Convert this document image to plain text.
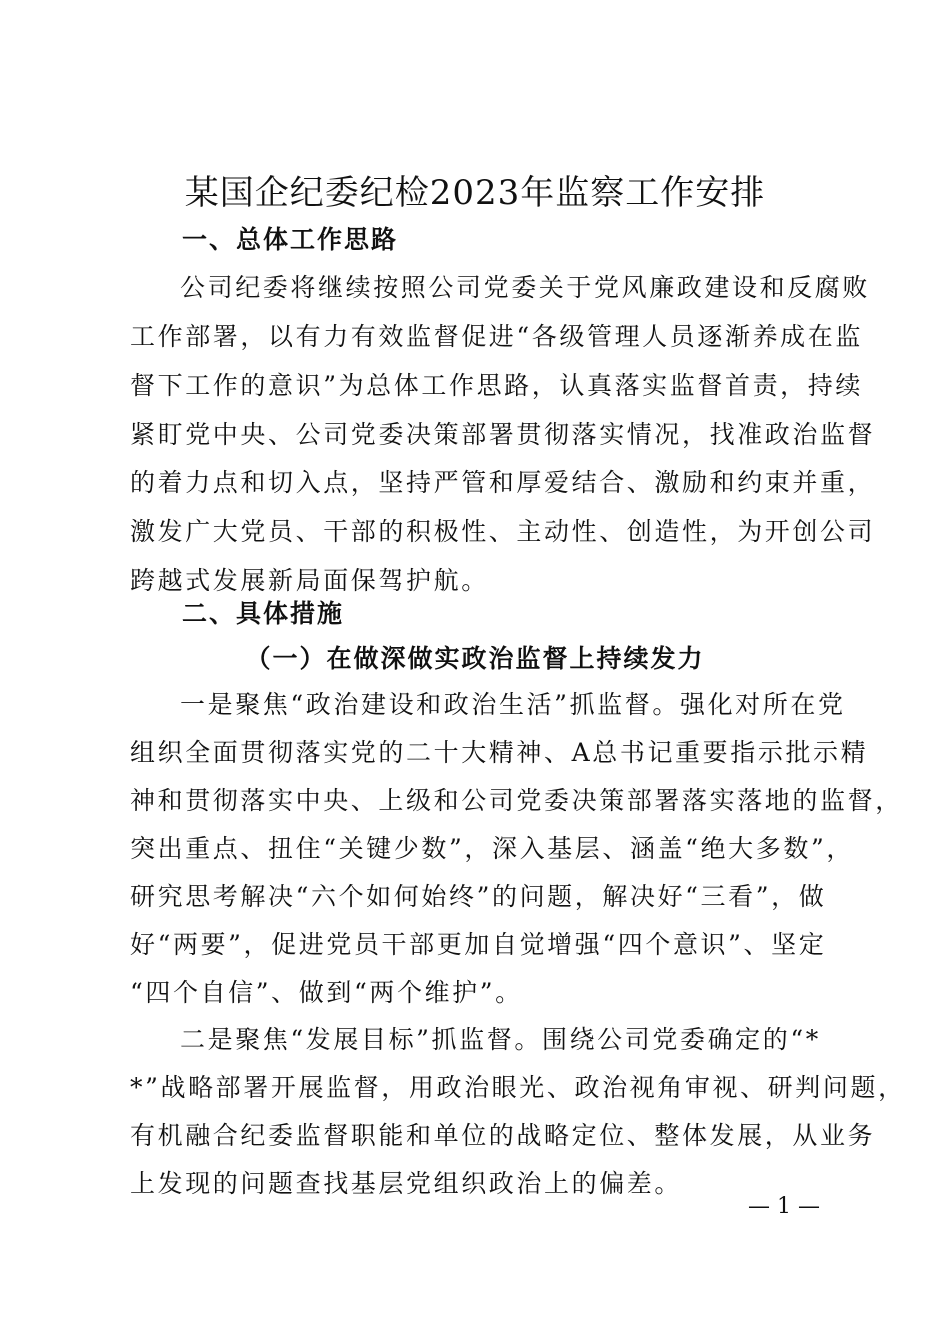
某国企纪委纪检2023年监察工作安排
一、总体工作思路
公司纪委将继续按照公司党委关于党风廉政建设和反腐败
工作部署，以有力有效监督促进“各级管理人员逐渐养成在监
督下工作的意识”为总体工作思路，认真落实监督首责，持续
紧盯党中央、公司党委决策部署贯彻落实情况，找准政治监督
的着力点和切入点，坚持严管和厚爱结合、激励和约束并重，
激发广大党员、干部的积极性、主动性、创造性，为开创公司
跨越式发展新局面保驾护航。
二、具体措施
（一）在做深做实政治监督上持续发力
一是聚焦“政治建设和政治生活”抓监督。强化对所在党
组织全面贯彻落实党的二十大精神、A总书记重要指示批示精
神和贯彻落实中央、上级和公司党委决策部署落实落地的监督，
突出重点、扭住“关键少数”，深入基层、涵盖“绝大多数”，
研究思考解决“六个如何始终”的问题，解决好“三看”，做
好“两要”，促进党员干部更加自觉增强“四个意识”、坚定
“四个自信”、做到“两个维护”。
二是聚焦“发展目标”抓监督。围绕公司党委确定的“*
*”战略部署开展监督，用政治眼光、政治视角审视、研判问题，
有机融合纪委监督职能和单位的战略定位、整体发展，从业务
上发现的问题查找基层党组织政治上的偏差。
— 1 —
